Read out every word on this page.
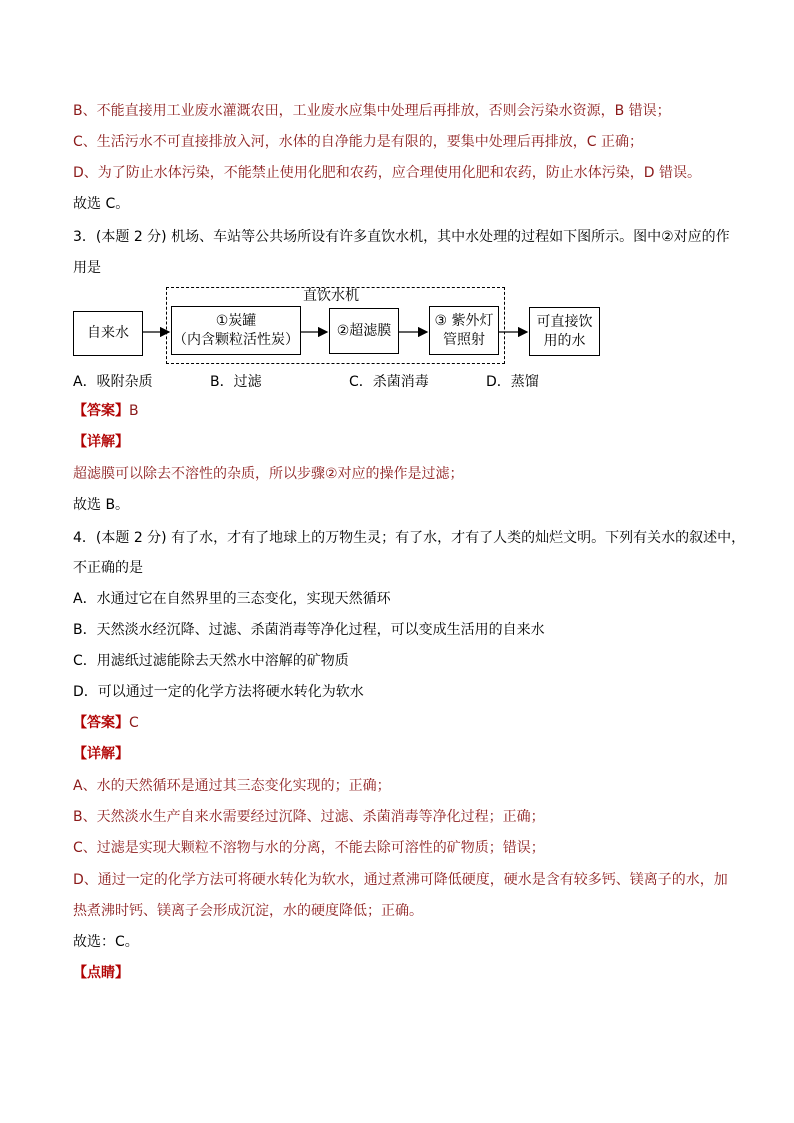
B、不能直接用工业废水灌溉农田，工业废水应集中处理后再排放，否则会污染水资源，B 错误；
C、生活污水不可直接排放入河，水体的自净能力是有限的，要集中处理后再排放，C 正确；
D、为了防止水体污染，不能禁止使用化肥和农药，应合理使用化肥和农药，防止水体污染，D 错误。
故选 C。
3．(本题 2 分) 机场、车站等公共场所设有许多直饮水机，其中水处理的过程如下图所示。图中②对应的作
用是
直饮水机
自来水
①炭罐
（内含颗粒活性炭）
②超滤膜
③ 紫外灯
管照射
可直接饮
用的水
A．吸附杂质	B．过滤	C．杀菌消毒	D．蒸馏
【答案】B
【详解】
超滤膜可以除去不溶性的杂质，所以步骤②对应的操作是过滤；
故选 B。
4．(本题 2 分) 有了水，才有了地球上的万物生灵；有了水，才有了人类的灿烂文明。下列有关水的叙述中，
不正确的是
A．水通过它在自然界里的三态变化，实现天然循环
B．天然淡水经沉降、过滤、杀菌消毒等净化过程，可以变成生活用的自来水
C．用滤纸过滤能除去天然水中溶解的矿物质
D．可以通过一定的化学方法将硬水转化为软水
【答案】C
【详解】
A、水的天然循环是通过其三态变化实现的；正确；
B、天然淡水生产自来水需要经过沉降、过滤、杀菌消毒等净化过程；正确；
C、过滤是实现大颗粒不溶物与水的分离，不能去除可溶性的矿物质；错误；
D、通过一定的化学方法可将硬水转化为软水，通过煮沸可降低硬度，硬水是含有较多钙、镁离子的水，加
热煮沸时钙、镁离子会形成沉淀，水的硬度降低；正确。
故选：C。
【点睛】
